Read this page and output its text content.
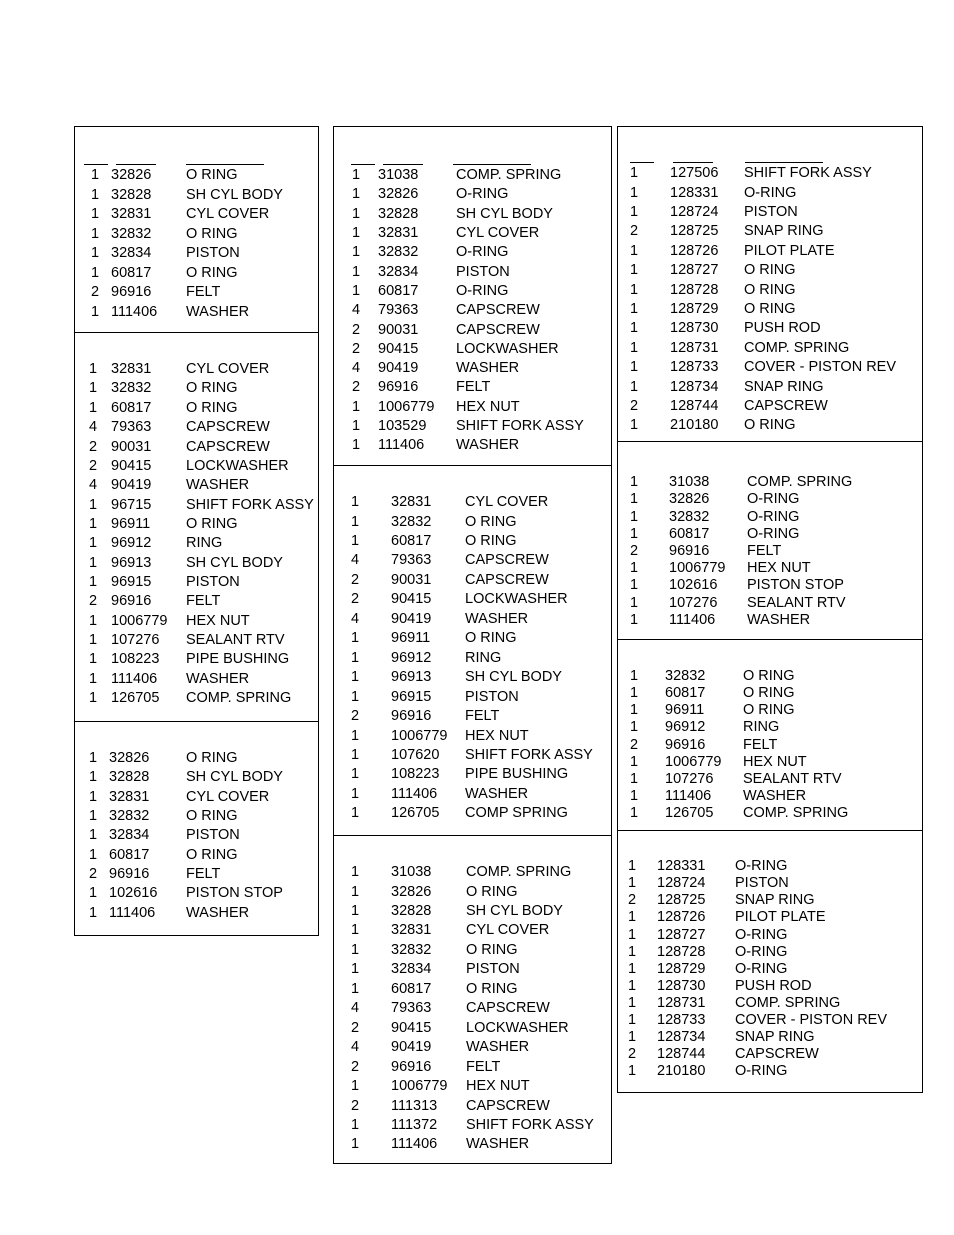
1 32826 O RING
1 32828 SH CYL BODY
1 32831 CYL COVER
1 32832 O RING
1 32834 PISTON
1 60817 O RING
2 96916 FELT
1 111406 WASHER
1 32831 CYL COVER
1 32832 O RING
1 60817 O RING
4 79363 CAPSCREW
2 90031 CAPSCREW
2 90415 LOCKWASHER
4 90419 WASHER
1 96715 SHIFT FORK ASSY
1 96911 O RING
1 96912 RING
1 96913 SH CYL BODY
1 96915 PISTON
2 96916 FELT
1 1006779 HEX NUT
1 107276 SEALANT RTV
1 108223 PIPE BUSHING
1 111406 WASHER
1 126705 COMP. SPRING
1 32826	O RING
1 32828	SH CYL BODY
1 32831	CYL COVER
1 32832	O RING
1 32834	PISTON
1 60817	O RING
2 96916	FELT
1 102616 PISTON STOP
1 111406 WASHER
1 31038	COMP. SPRING
1 32826	O-RING
1 32828	SH CYL BODY
1 32831	CYL COVER
1 32832	O-RING
1 32834	PISTON
1 60817	O-RING
4 79363	CAPSCREW
2 90031	CAPSCREW
2 90415	LOCKWASHER
4 90419	WASHER
2 96916	FELT
1 1006779 HEX NUT
1 103529 SHIFT FORK ASSY
1 111406 WASHER
1 32831 CYL COVER
1 32832 O RING
1 60817 O RING
4 79363 CAPSCREW
2 90031 CAPSCREW
2 90415 LOCKWASHER
4 90419 WASHER
1 96911 O RING
1 96912 RING
1 96913 SH CYL BODY
1 96915 PISTON
2 96916 FELT
1 1006779 HEX NUT
1 107620 SHIFT FORK ASSY
1 108223 PIPE BUSHING
1 111406 WASHER
1 126705 COMP SPRING
1 31038 COMP. SPRING
1 32826 O RING
1 32828 SH CYL BODY
1 32831 CYL COVER
1 32832 O RING
1 32834 PISTON
1 60817 O RING
4 79363 CAPSCREW
2 90415 LOCKWASHER
4 90419 WASHER
2 96916 FELT
1 1006779 HEX NUT
2 111313 CAPSCREW
1 111372 SHIFT FORK ASSY
1 111406 WASHER
1 127506 SHIFT FORK ASSY
1 128331 O-RING
1 128724 PISTON
2 128725 SNAP RING
1 128726 PILOT PLATE
1 128727 O RING
1 128728 O RING
1 128729 O RING
1 128730 PUSH ROD
1 128731 COMP. SPRING
1 128733 COVER - PISTON REV
1 128734 SNAP RING
2 128744 CAPSCREW
1 210180 O RING
1 31038	COMP. SPRING
1 32826	O-RING
1 32832	O-RING
1 60817	O-RING
2 96916	FELT
1 1006779 HEX NUT
1 102616 PISTON STOP
1 107276 SEALANT RTV
1 111406 WASHER
1 32832	O RING
1 60817	O RING
1 96911	O RING
1 96912	RING
2 96916	FELT
1 1006779 HEX NUT
1 107276 SEALANT RTV
1 111406 WASHER
1 126705 COMP. SPRING
1 128331 O-RING
1 128724 PISTON
2 128725 SNAP RING
1 128726 PILOT PLATE
1 128727 O-RING
1 128728 O-RING
1 128729 O-RING
1 128730 PUSH ROD
1 128731 COMP. SPRING
1 128733 COVER - PISTON REV
1 128734 SNAP RING
2 128744 CAPSCREW
1 210180 O-RING
